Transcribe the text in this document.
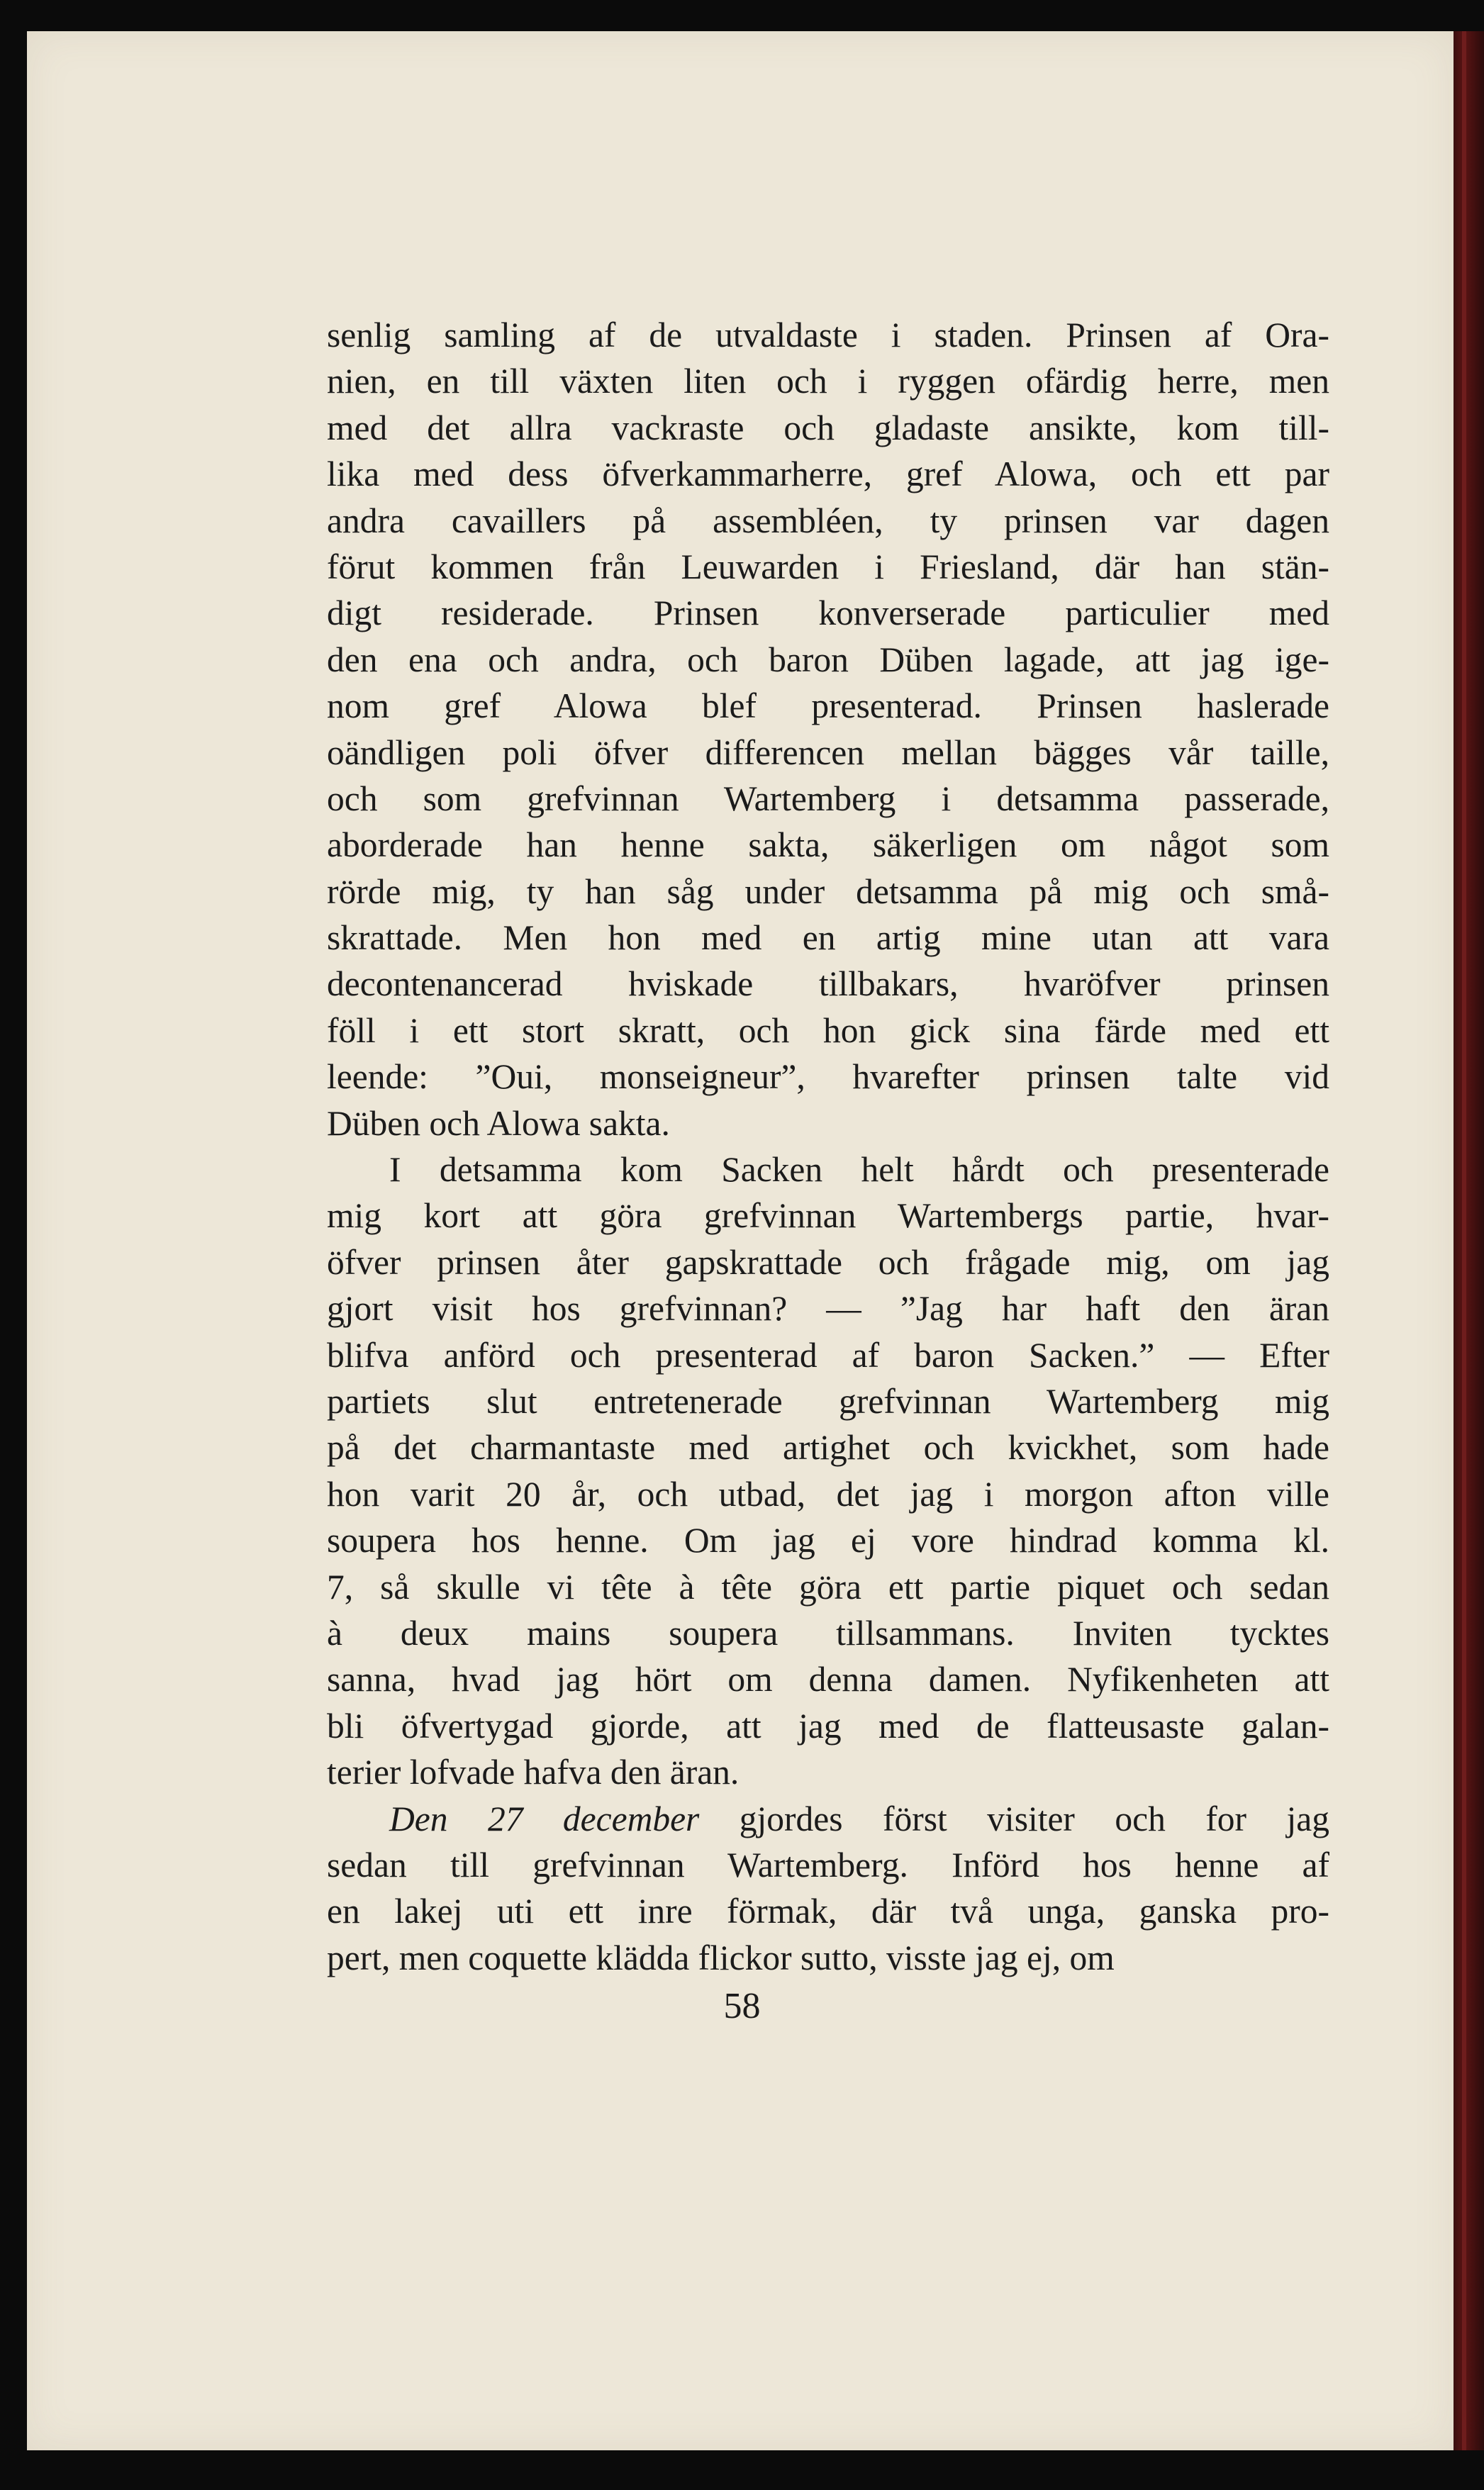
senlig samling af de utvaldaste i staden. Prinsen af Ora-
nien, en till växten liten och i ryggen ofärdig herre, men
med det allra vackraste och gladaste ansikte, kom till-
lika med dess öfverkammarherre, gref Alowa, och ett par
andra cavaillers på assembléen, ty prinsen var dagen
förut kommen från Leuwarden i Friesland, där han stän-
digt residerade. Prinsen konverserade particulier med
den ena och andra, och baron Düben lagade, att jag ige-
nom gref Alowa blef presenterad. Prinsen haslerade
oändligen poli öfver differencen mellan bägges vår taille,
och som grefvinnan Wartemberg i detsamma passerade,
aborderade han henne sakta, säkerligen om något som
rörde mig, ty han såg under detsamma på mig och små-
skrattade. Men hon med en artig mine utan att vara
decontenancerad hviskade tillbakars, hvaröfver prinsen
föll i ett stort skratt, och hon gick sina färde med ett
leende: ”Oui, monseigneur”, hvarefter prinsen talte vid
Düben och Alowa sakta.
I detsamma kom Sacken helt hårdt och presenterade
mig kort att göra grefvinnan Wartembergs partie, hvar-
öfver prinsen åter gapskrattade och frågade mig, om jag
gjort visit hos grefvinnan? — ”Jag har haft den äran
blifva anförd och presenterad af baron Sacken.” — Efter
partiets slut entretenerade grefvinnan Wartemberg mig
på det charmantaste med artighet och kvickhet, som hade
hon varit 20 år, och utbad, det jag i morgon afton ville
soupera hos henne. Om jag ej vore hindrad komma kl.
7, så skulle vi tête à tête göra ett partie piquet och sedan
à deux mains soupera tillsammans. Inviten tycktes
sanna, hvad jag hört om denna damen. Nyfikenheten att
bli öfvertygad gjorde, att jag med de flatteusaste galan-
terier lofvade hafva den äran.
Den 27 december gjordes först visiter och for jag
sedan till grefvinnan Wartemberg. Införd hos henne af
en lakej uti ett inre förmak, där två unga, ganska pro-
pert, men coquette klädda flickor sutto, visste jag ej, om
58
